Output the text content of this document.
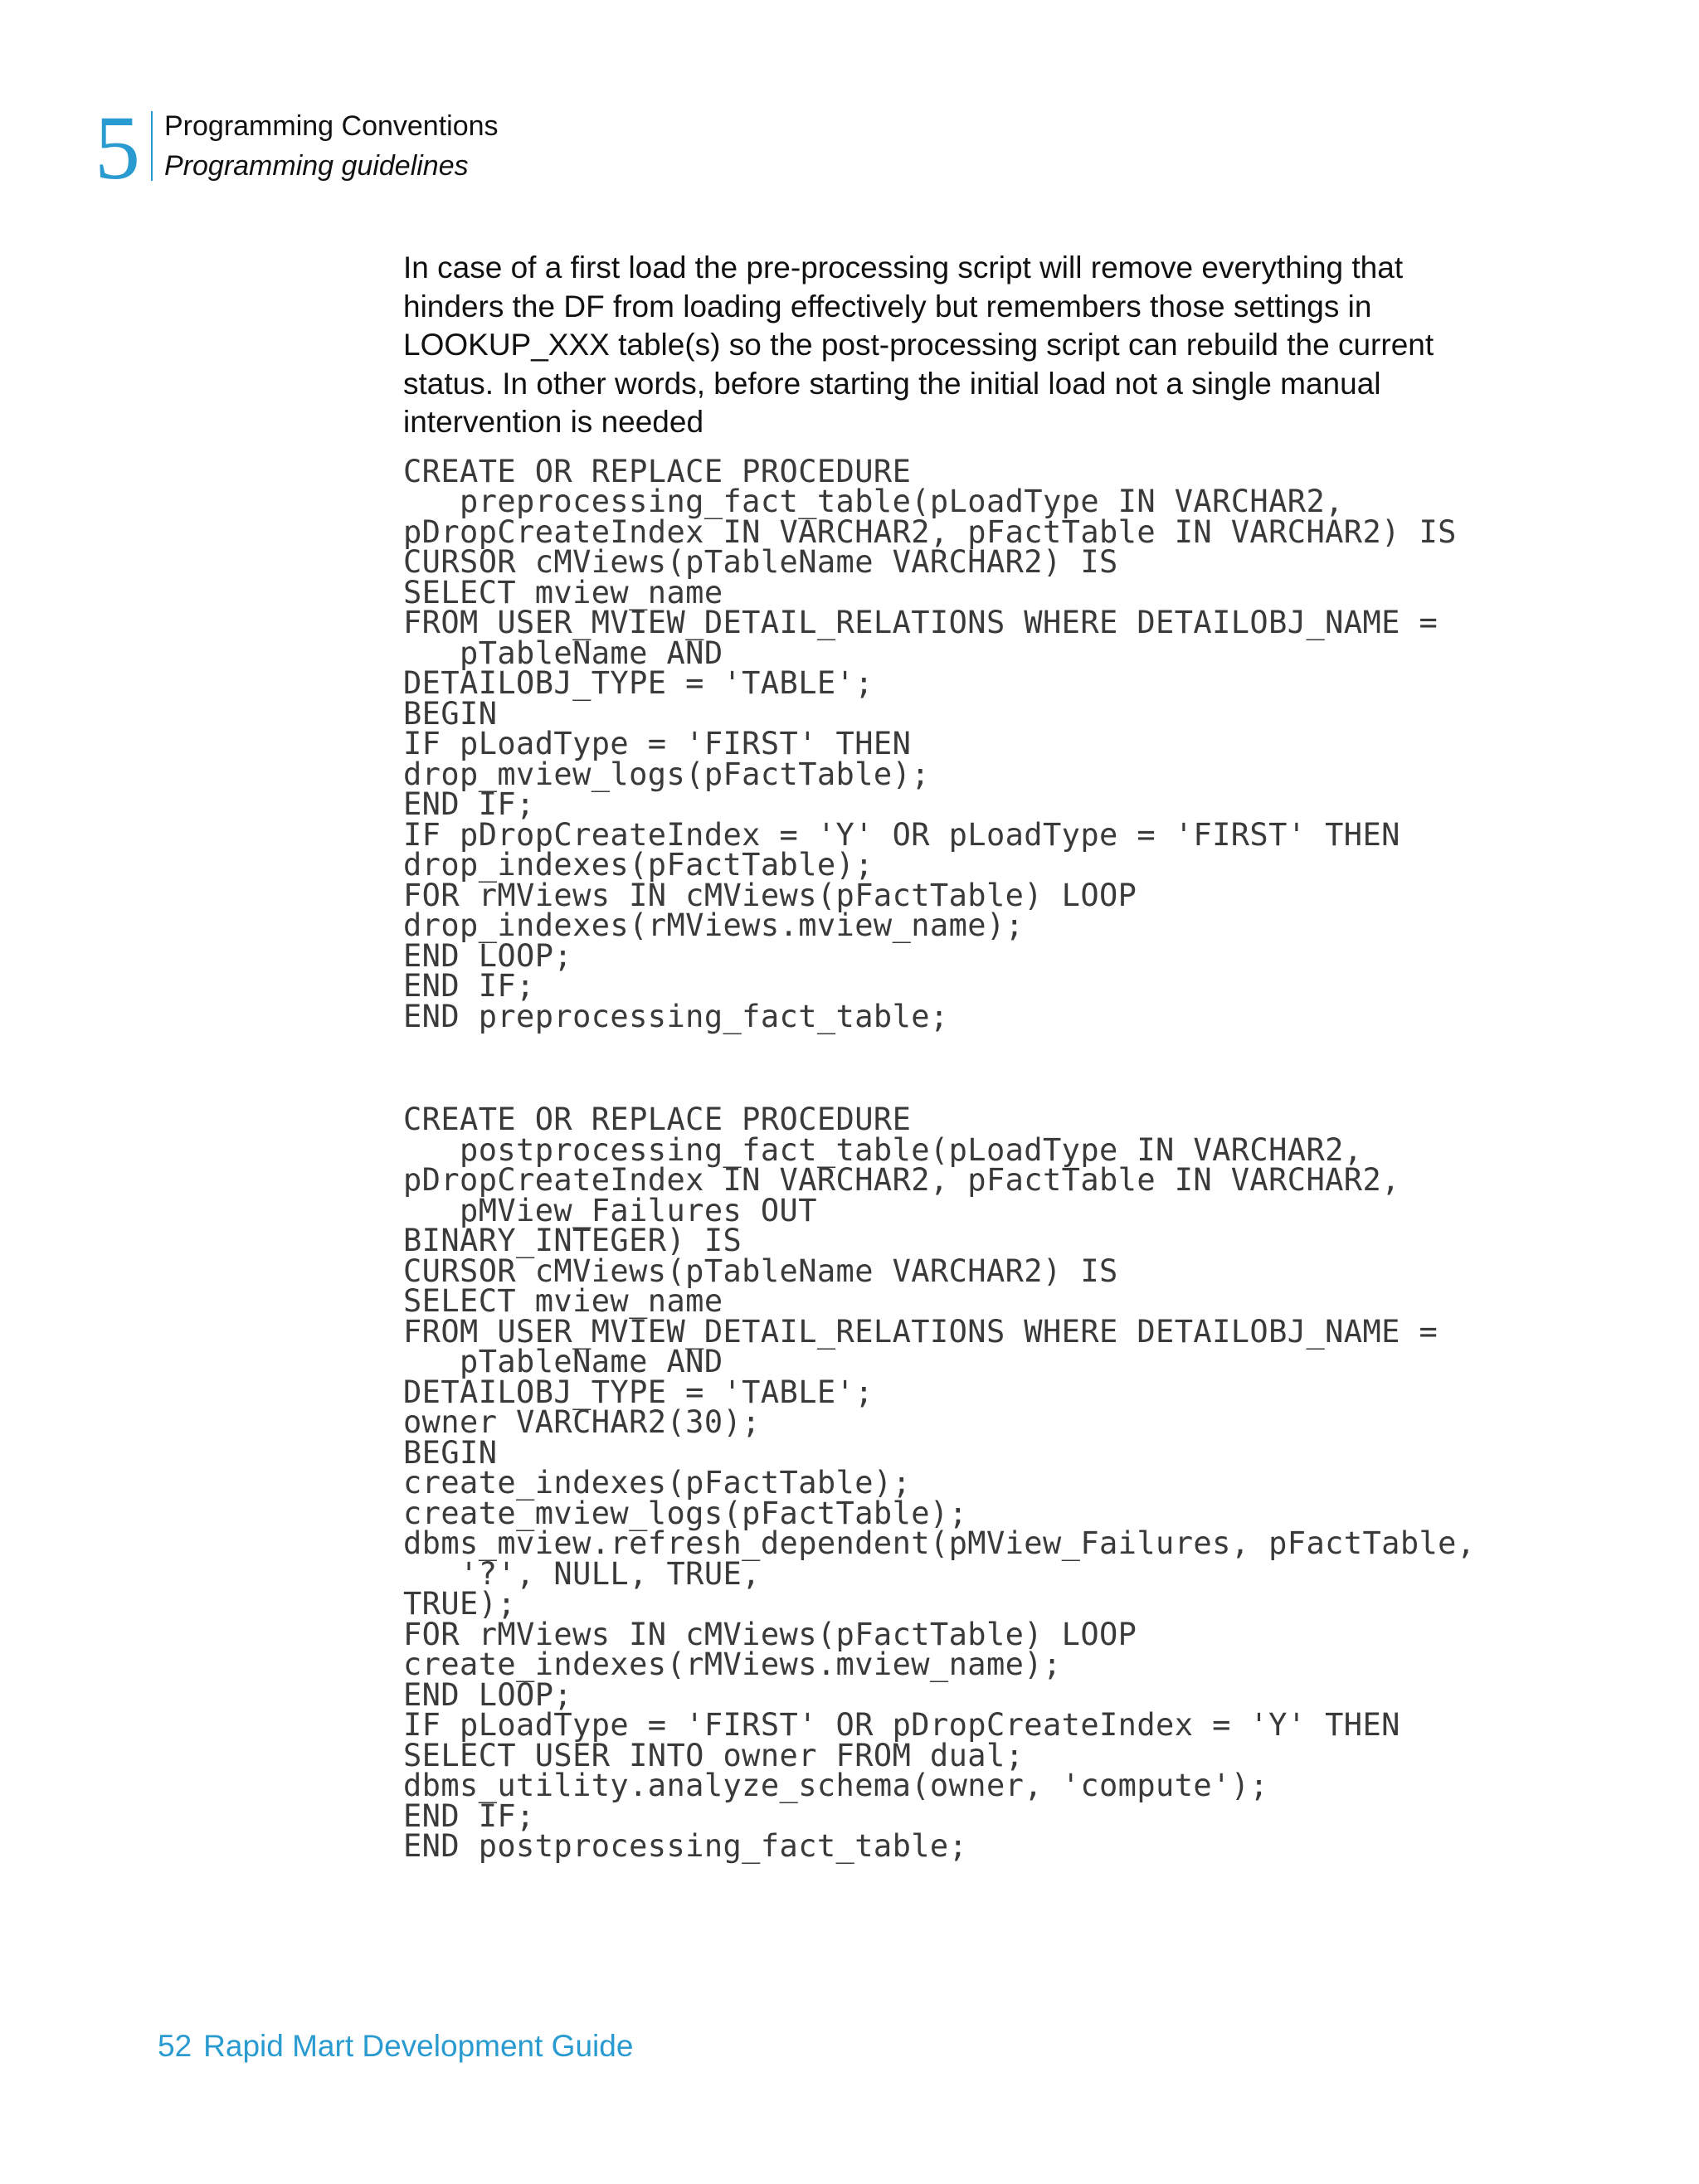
5 Programming Conventions
Programming guidelines

In case of a first load the pre-processing script will remove everything that hinders the DF from loading effectively but remembers those settings in LOOKUP_XXX table(s) so the post-processing script can rebuild the current status. In other words, before starting the initial load not a single manual intervention is needed

CREATE OR REPLACE PROCEDURE
preprocessing_fact_table(pLoadType IN VARCHAR2,
pDropCreateIndex IN VARCHAR2, pFactTable IN VARCHAR2) IS
CURSOR cMViews(pTableName VARCHAR2) IS
SELECT mview_name
FROM USER_MVIEW_DETAIL_RELATIONS WHERE DETAILOBJ_NAME =
pTableName AND
DETAILOBJ_TYPE = 'TABLE';
BEGIN
IF pLoadType = 'FIRST' THEN
drop_mview_logs(pFactTable);
END IF;
IF pDropCreateIndex = 'Y' OR pLoadType = 'FIRST' THEN
drop_indexes(pFactTable);
FOR rMViews IN cMViews(pFactTable) LOOP
drop_indexes(rMViews.mview_name);
END LOOP;
END IF;
END preprocessing_fact_table;
CREATE OR REPLACE PROCEDURE
postprocessing_fact_table(pLoadType IN VARCHAR2,
pDropCreateIndex IN VARCHAR2, pFactTable IN VARCHAR2,
pMView_Failures OUT
BINARY_INTEGER) IS
CURSOR cMViews(pTableName VARCHAR2) IS
SELECT mview_name
FROM USER_MVIEW_DETAIL_RELATIONS WHERE DETAILOBJ_NAME =
pTableName AND
DETAILOBJ_TYPE = 'TABLE';
owner VARCHAR2(30);
BEGIN
create_indexes(pFactTable);
create_mview_logs(pFactTable);
dbms_mview.refresh_dependent(pMView_Failures, pFactTable,
'?', NULL, TRUE,
TRUE);
FOR rMViews IN cMViews(pFactTable) LOOP
create_indexes(rMViews.mview_name);
END LOOP;
IF pLoadType = 'FIRST' OR pDropCreateIndex = 'Y' THEN
SELECT USER INTO owner FROM dual;
dbms_utility.analyze_schema(owner, 'compute');
END IF;
END postprocessing_fact_table;
52 Rapid Mart Development Guide
